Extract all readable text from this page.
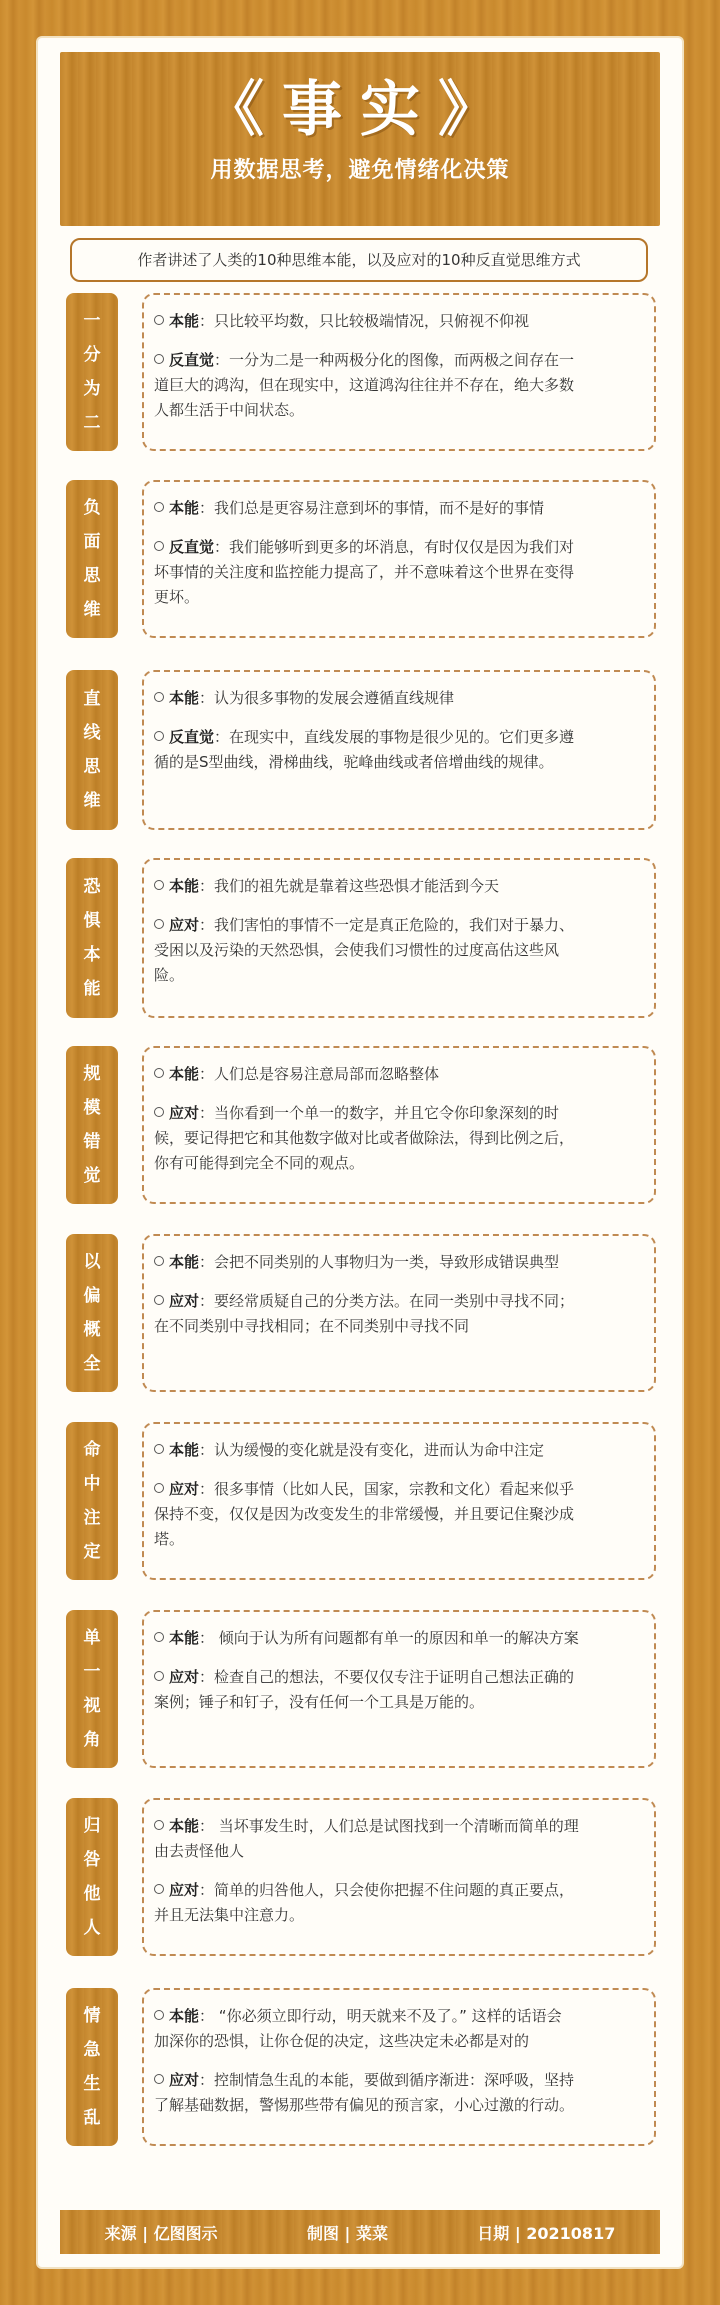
《事实》
用数据思考，避免情绪化决策
作者讲述了人类的10种思维本能，以及应对的10种反直觉思维方式
一
分
为
二

本能：只比较平均数，只比较极端情况，只俯视不仰视

反直觉：一分为二是一种两极分化的图像，而两极之间存在一

道巨大的鸿沟，但在现实中，这道鸿沟往往并不存在，绝大多数

人都生活于中间状态。

负
面
思
维

本能：我们总是更容易注意到坏的事情，而不是好的事情

反直觉：我们能够听到更多的坏消息，有时仅仅是因为我们对

坏事情的关注度和监控能力提高了，并不意味着这个世界在变得

更坏。

直
线
思
维

本能：认为很多事物的发展会遵循直线规律

反直觉：在现实中，直线发展的事物是很少见的。它们更多遵

循的是S型曲线，滑梯曲线，驼峰曲线或者倍增曲线的规律。

恐
惧
本
能

本能：我们的祖先就是靠着这些恐惧才能活到今天

应对：我们害怕的事情不一定是真正危险的，我们对于暴力、

受困以及污染的天然恐惧，会使我们习惯性的过度高估这些风

险。

规
模
错
觉

本能：人们总是容易注意局部而忽略整体

应对：当你看到一个单一的数字，并且它令你印象深刻的时

候，要记得把它和其他数字做对比或者做除法，得到比例之后，

你有可能得到完全不同的观点。

以
偏
概
全

本能：会把不同类别的人事物归为一类，导致形成错误典型

应对：要经常质疑自己的分类方法。在同一类别中寻找不同；

在不同类别中寻找相同；在不同类别中寻找不同

命
中
注
定

本能：认为缓慢的变化就是没有变化，进而认为命中注定

应对：很多事情（比如人民，国家，宗教和文化）看起来似乎

保持不变，仅仅是因为改变发生的非常缓慢，并且要记住聚沙成

塔。

单
一
视
角

本能： 倾向于认为所有问题都有单一的原因和单一的解决方案

应对：检查自己的想法，不要仅仅专注于证明自己想法正确的

案例；锤子和钉子，没有任何一个工具是万能的。

归
咎
他
人

本能： 当坏事发生时，人们总是试图找到一个清晰而简单的理

由去责怪他人

应对：简单的归咎他人，只会使你把握不住问题的真正要点，

并且无法集中注意力。

情
急
生
乱

本能： “你必须立即行动，明天就来不及了。” 这样的话语会

加深你的恐惧，让你仓促的决定，这些决定未必都是对的

应对：控制情急生乱的本能，要做到循序渐进：深呼吸，坚持

了解基础数据，警惕那些带有偏见的预言家，小心过激的行动。

来源 | 亿图图示	制图 | 菜菜	日期 | 20210817
